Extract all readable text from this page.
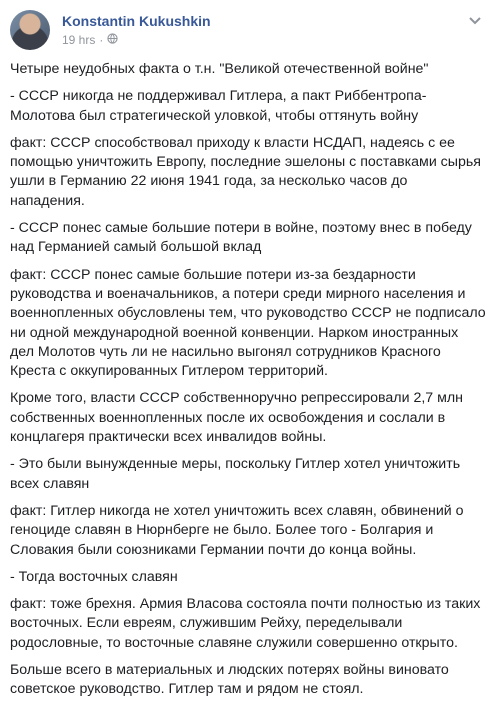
Konstantin Kukushkin
19 hrs ·

Четыре неудобных факта о т.н. "Великой отечественной войне"

- СССР никогда не поддерживал Гитлера, а пакт Риббентропа-Молотова был стратегической уловкой, чтобы оттянуть войну

факт: СССР способствовал приходу к власти НСДАП, надеясь с ее помощью уничтожить Европу, последние эшелоны с поставками сырья ушли в Германию 22 июня 1941 года, за несколько часов до нападения.

- СССР понес самые большие потери в войне, поэтому внес в победу над Германией самый большой вклад

факт: СССР понес самые большие потери из-за бездарности руководства и военачальников, а потери среди мирного населения и военнопленных обусловлены тем, что руководство СССР не подписало ни одной международной военной конвенции. Нарком иностранных дел Молотов чуть ли не насильно выгонял сотрудников Красного Креста с оккупированных Гитлером территорий.

Кроме того, власти СССР собственноручно репрессировали 2,7 млн собственных военнопленных после их освобождения и сослали в концлагеря практически всех инвалидов войны.

- Это были вынужденные меры, поскольку Гитлер хотел уничтожить всех славян

факт: Гитлер никогда не хотел уничтожить всех славян, обвинений о геноциде славян в Нюрнберге не было. Более того - Болгария и Словакия были союзниками Германии почти до конца войны.

- Тогда восточных славян

факт: тоже брехня. Армия Власова состояла почти полностью из таких восточных. Если евреям, служившим Рейху, переделывали родословные, то восточные славяне служили совершенно открыто.

Больше всего в материальных и людских потерях войны виновато советское руководство. Гитлер там и рядом не стоял.
